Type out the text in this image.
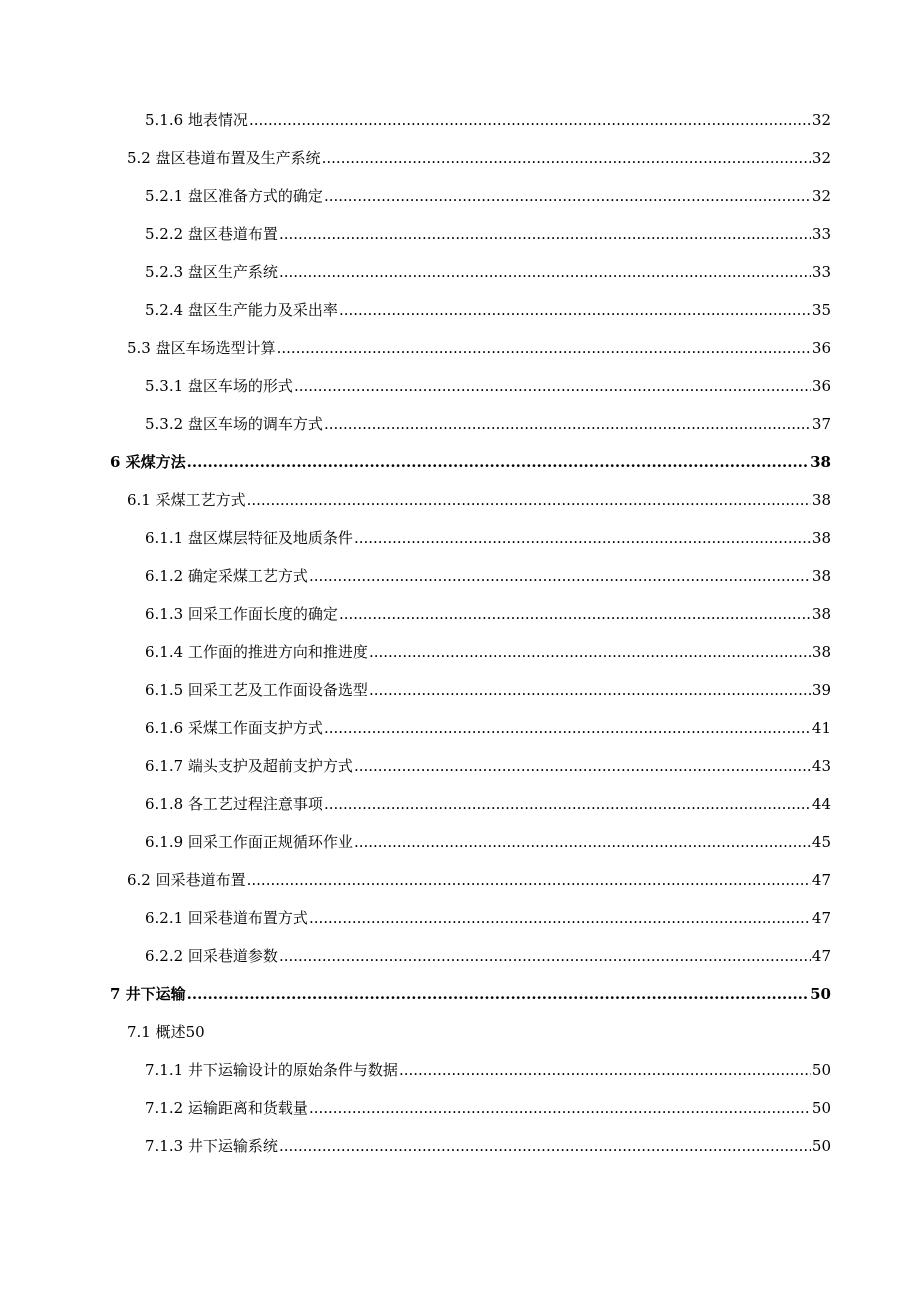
5.1.6 地表情况 .....	32
5.2 盘区巷道布置及生产系统 .....	32
5.2.1 盘区准备方式的确定 .....	32
5.2.2 盘区巷道布置 .....	33
5.2.3 盘区生产系统 .....	33
5.2.4 盘区生产能力及采出率 .....	35
5.3 盘区车场选型计算 .....	36
5.3.1 盘区车场的形式 .....	36
5.3.2 盘区车场的调车方式 .....	37
6 采煤方法 .....	38
6.1 采煤工艺方式 .....	38
6.1.1 盘区煤层特征及地质条件 .....	38
6.1.2 确定采煤工艺方式 .....	38
6.1.3 回采工作面长度的确定 .....	38
6.1.4 工作面的推进方向和推进度 .....	38
6.1.5 回采工艺及工作面设备选型 .....	39
6.1.6 采煤工作面支护方式 .....	41
6.1.7 端头支护及超前支护方式 .....	43
6.1.8 各工艺过程注意事项 .....	44
6.1.9 回采工作面正规循环作业 .....	45
6.2 回采巷道布置 .....	47
6.2.1 回采巷道布置方式 .....	47
6.2.2 回采巷道参数 .....	47
7 井下运输 .....	50
7.1 概述50
7.1.1 井下运输设计的原始条件与数据 .....	50
7.1.2 运输距离和货载量 .....	50
7.1.3 井下运输系统 .....	50
